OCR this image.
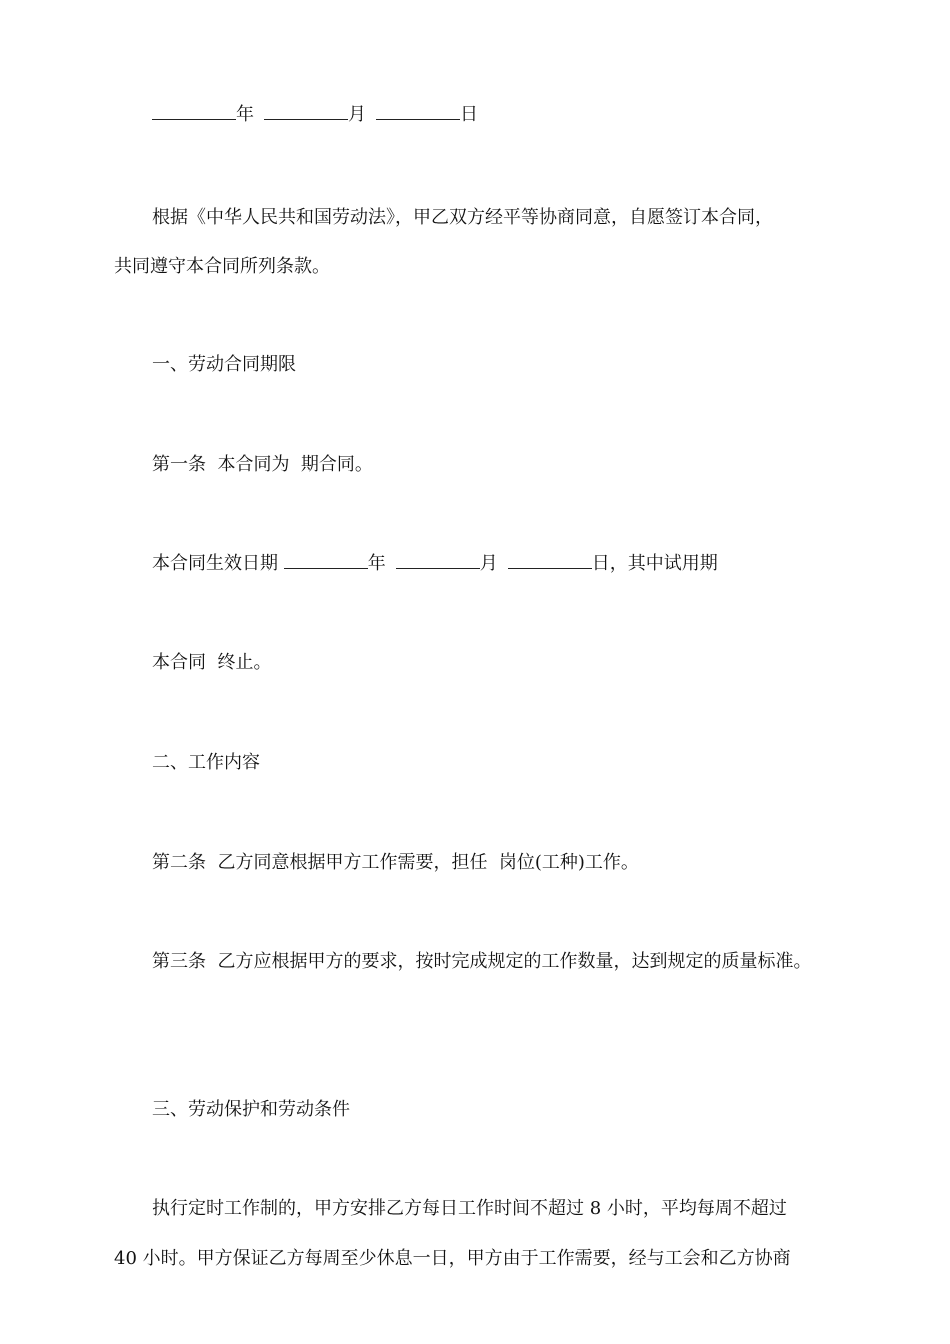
年	月	日
根据《中华人民共和国劳动法》，甲乙双方经平等协商同意，自愿签订本合同，
共同遵守本合同所列条款。
一、劳动合同期限
第一条  本合同为  期合同。
本合同生效日期	年	月	日，其中试用期
本合同  终止。
二、工作内容
第二条  乙方同意根据甲方工作需要，担任  岗位(工种)工作。
第三条  乙方应根据甲方的要求，按时完成规定的工作数量，达到规定的质量标准。
三、劳动保护和劳动条件
执行定时工作制的，甲方安排乙方每日工作时间不超过 8 小时，平均每周不超过
40 小时。甲方保证乙方每周至少休息一日，甲方由于工作需要，经与工会和乙方协商
